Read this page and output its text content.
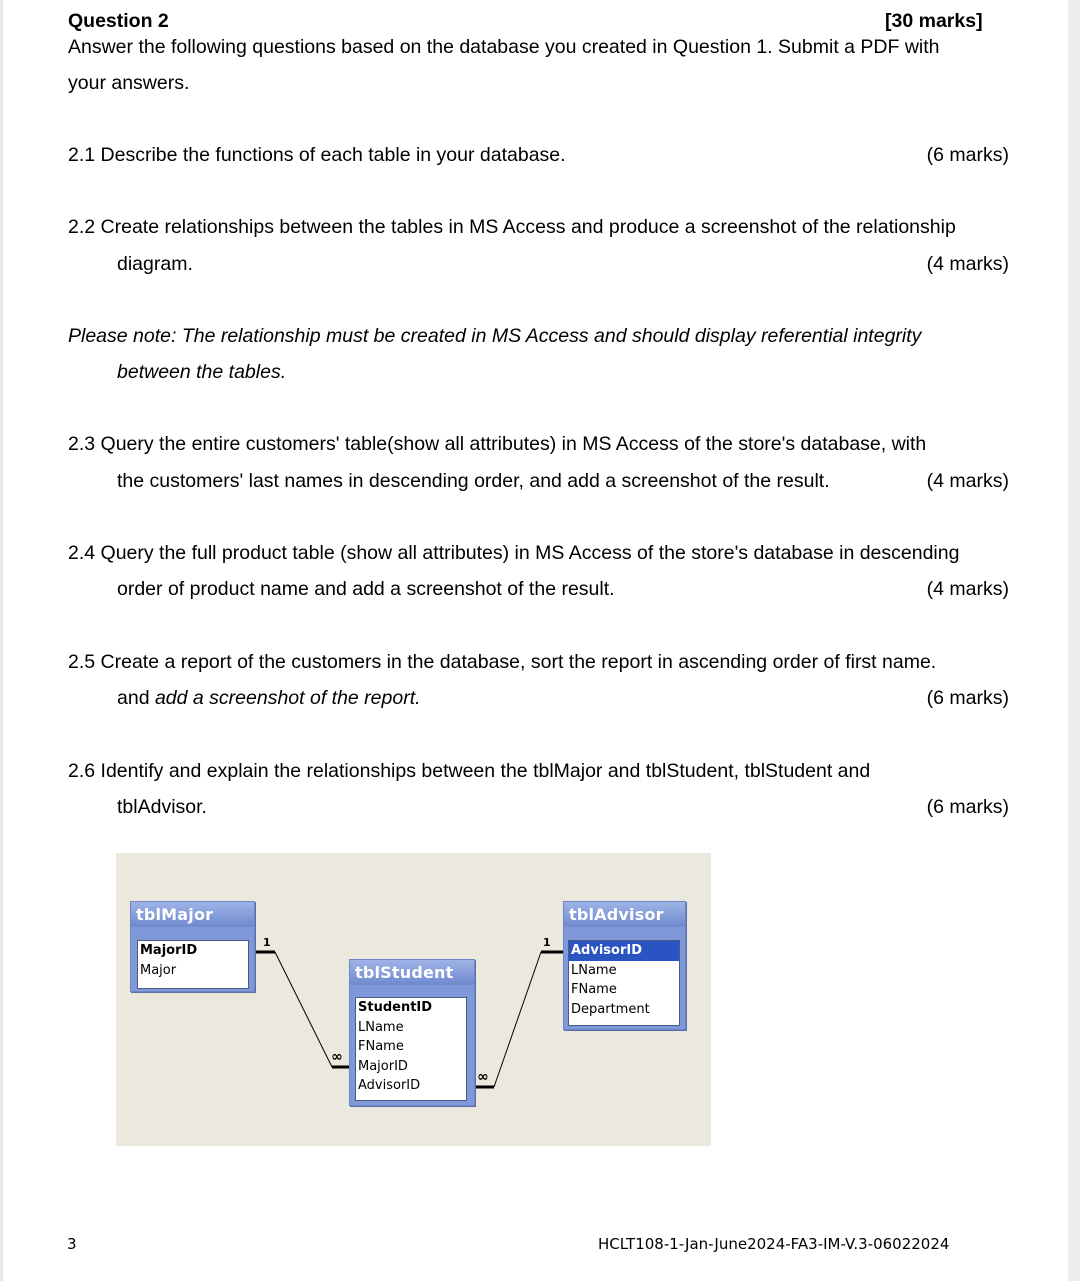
Question 2	[30 marks]
Answer the following questions based on the database you created in Question 1. Submit a PDF with
your answers.
2.1 Describe the functions of each table in your database.	(6 marks)
2.2 Create relationships between the tables in MS Access and produce a screenshot of the relationship
diagram.	(4 marks)
Please note: The relationship must be created in MS Access and should display referential integrity
between the tables.
2.3 Query the entire customers' table(show all attributes) in MS Access of the store's database, with
the customers' last names in descending order, and add a screenshot of the result.	(4 marks)
2.4 Query the full product table (show all attributes) in MS Access of the store's database in descending
order of product name and add a screenshot of the result.	(4 marks)
2.5 Create a report of the customers in the database, sort the report in ascending order of first name.
and add a screenshot of the report.	(6 marks)
2.6 Identify and explain the relationships between the tblMajor and tblStudent, tblStudent and
tblAdvisor.	(6 marks)
1
∞
∞
1
tblMajor
MajorID
Major	tblStudent
StudentID
LName
FName
MajorID
AdvisorID
tblAdvisor
AdvisorID
LName
FName
Department
3	HCLT108-1-Jan-June2024-FA3-IM-V.3-06022024
